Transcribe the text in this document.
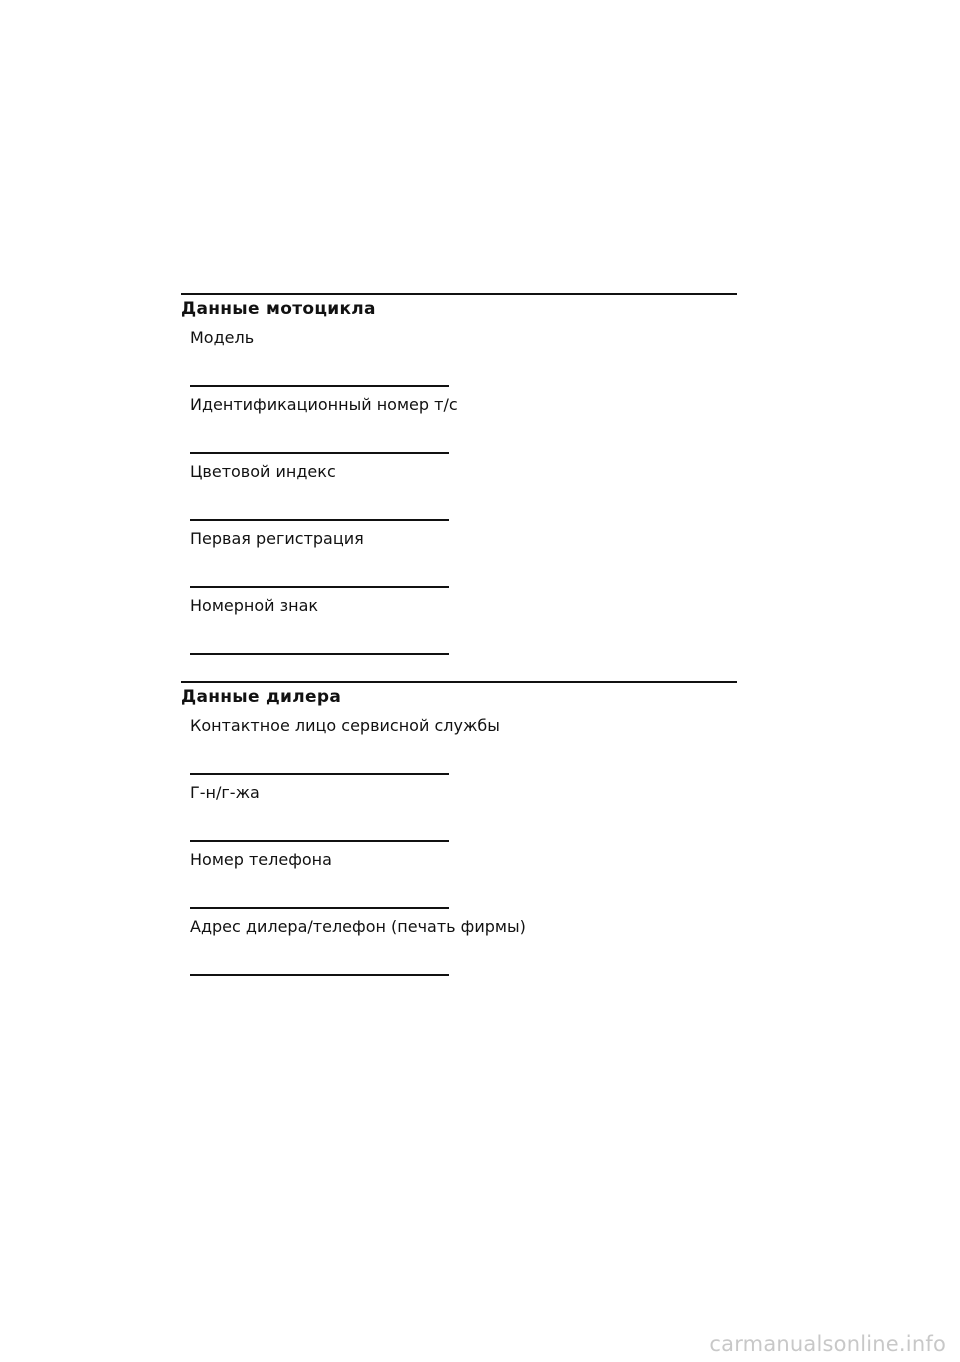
Данные мотоцикла
Модель
Идентификационный номер т/с
Цветовой индекс
Первая регистрация
Номерной знак
Данные дилера
Контактное лицо сервисной службы
Г-н/г-жа
Номер телефона
Адрес дилера/телефон (печать фирмы)
carmanualsonline.info
